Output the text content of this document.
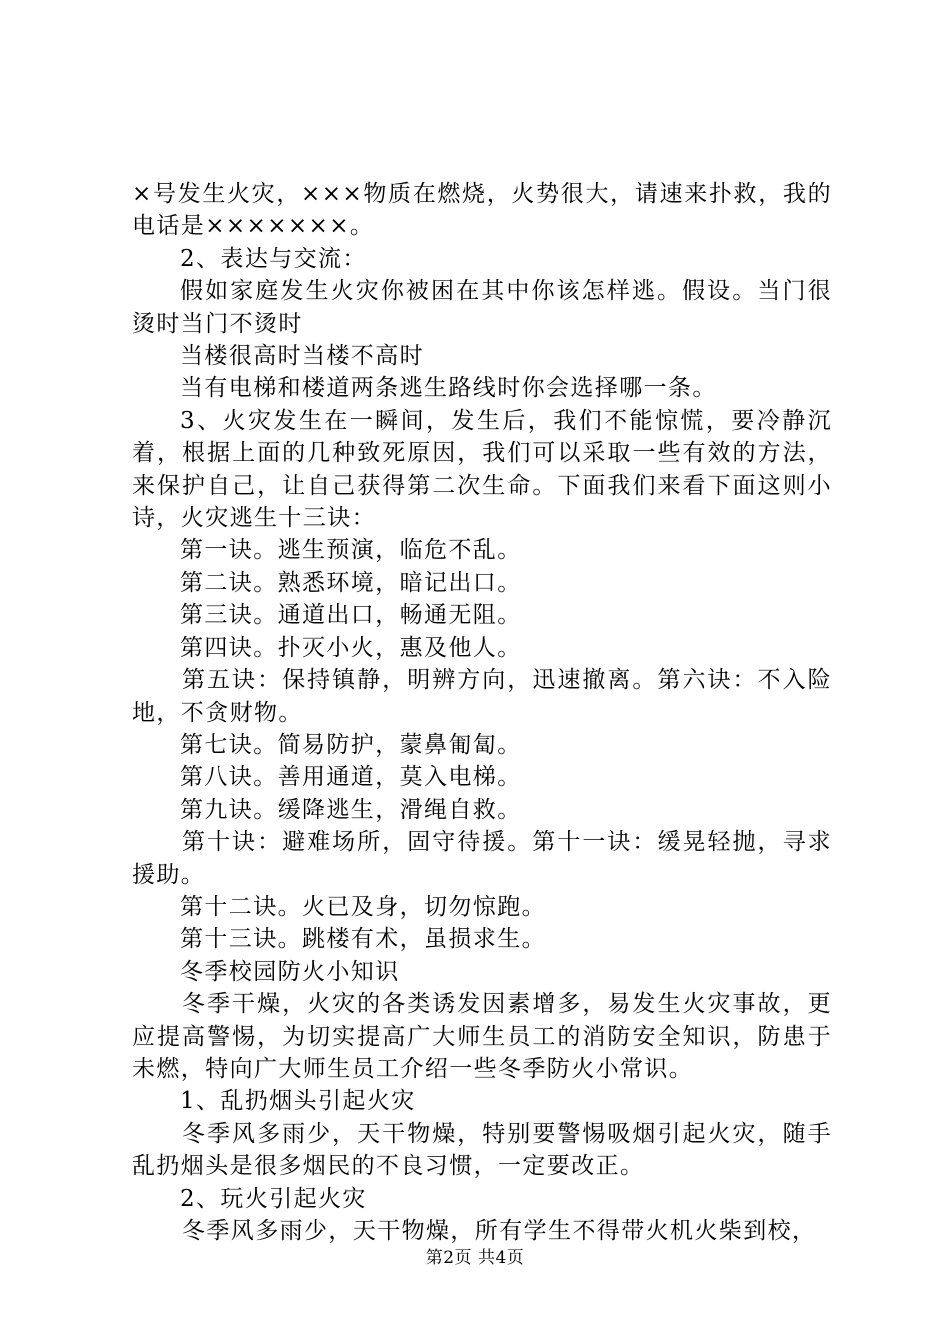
×号发生火灾，×××物质在燃烧，火势很大，请速来扑救，我的电话是×××××××。

2、表达与交流：

假如家庭发生火灾你被困在其中你该怎样逃。假设。当门很烫时当门不烫时

当楼很高时当楼不高时

当有电梯和楼道两条逃生路线时你会选择哪一条。

3、火灾发生在一瞬间，发生后，我们不能惊慌，要冷静沉着，根据上面的几种致死原因，我们可以采取一些有效的方法，来保护自己，让自己获得第二次生命。下面我们来看下面这则小诗，火灾逃生十三诀：

第一诀。逃生预演，临危不乱。

第二诀。熟悉环境，暗记出口。

第三诀。通道出口，畅通无阻。

第四诀。扑灭小火，惠及他人。

第五诀：保持镇静，明辨方向，迅速撤离。第六诀：不入险地，不贪财物。

第七诀。简易防护，蒙鼻匍匐。

第八诀。善用通道，莫入电梯。

第九诀。缓降逃生，滑绳自救。

第十诀：避难场所，固守待援。第十一诀：缓晃轻抛，寻求援助。

第十二诀。火已及身，切勿惊跑。

第十三诀。跳楼有术，虽损求生。

冬季校园防火小知识

冬季干燥，火灾的各类诱发因素增多，易发生火灾事故，更应提高警惕，为切实提高广大师生员工的消防安全知识，防患于未燃，特向广大师生员工介绍一些冬季防火小常识。

1、乱扔烟头引起火灾

冬季风多雨少，天干物燥，特别要警惕吸烟引起火灾，随手乱扔烟头是很多烟民的不良习惯，一定要改正。

2、玩火引起火灾

冬季风多雨少，天干物燥，所有学生不得带火机火柴到校，

第2页 共4页
